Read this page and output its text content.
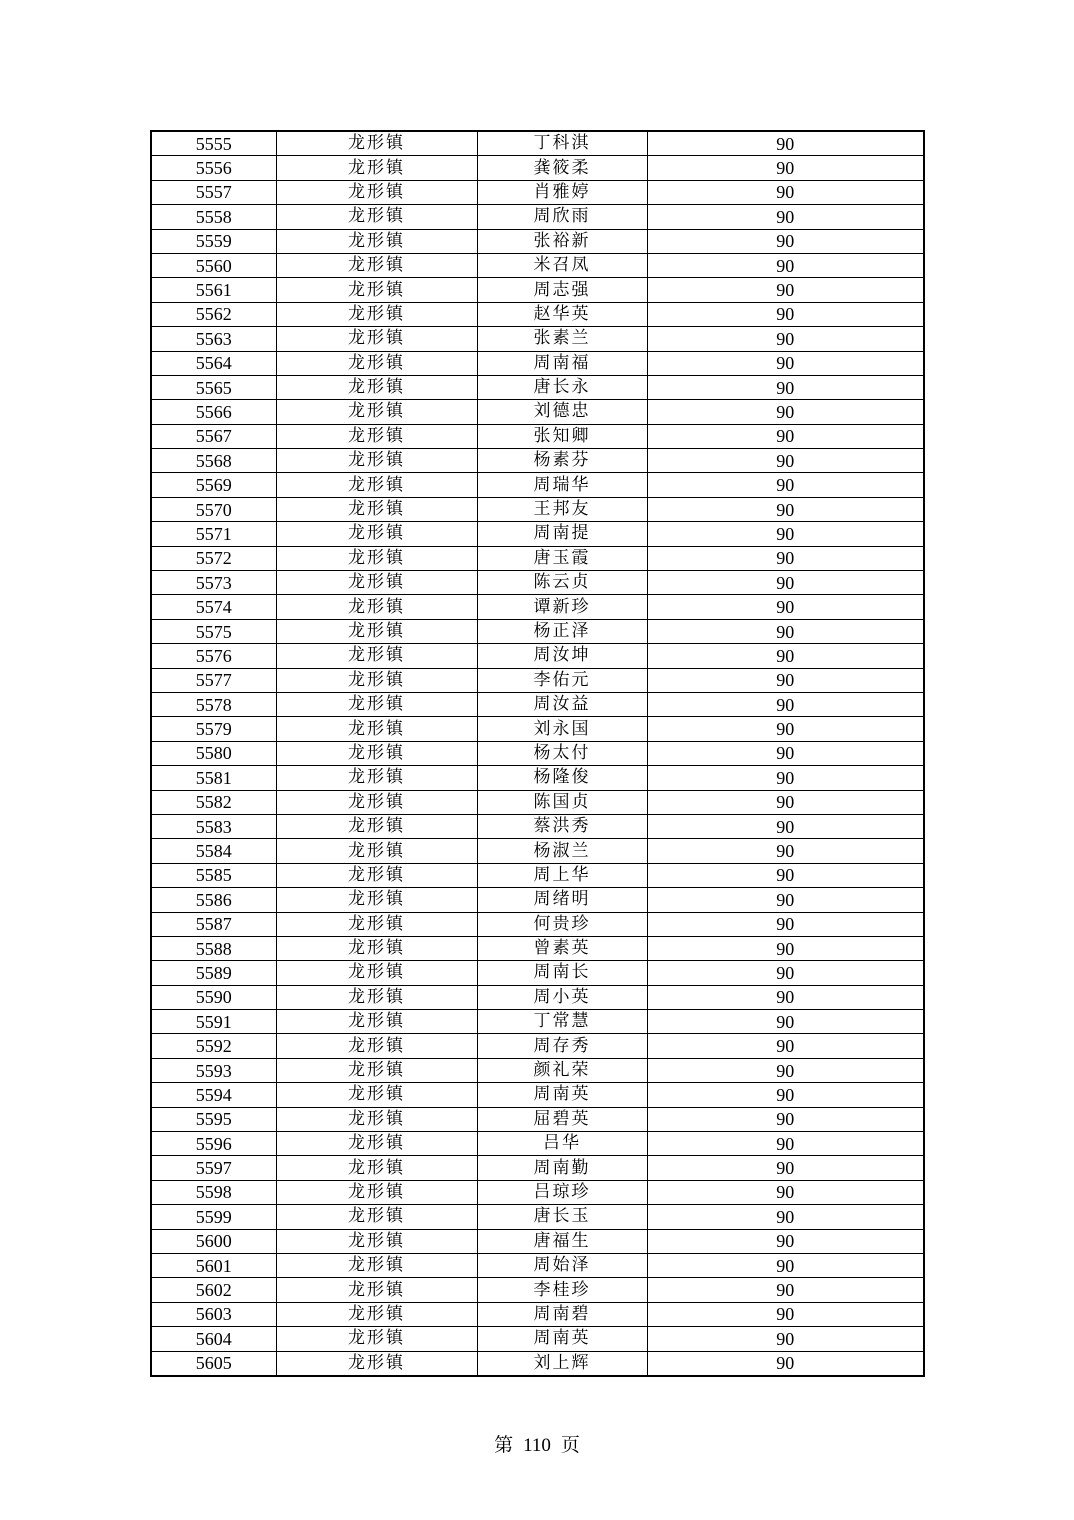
5555	龙形镇	丁科淇	90
5556	龙形镇	龚筱柔	90
5557	龙形镇	肖雅婷	90
5558	龙形镇	周欣雨	90
5559	龙形镇	张裕新	90
5560	龙形镇	米召凤	90
5561	龙形镇	周志强	90
5562	龙形镇	赵华英	90
5563	龙形镇	张素兰	90
5564	龙形镇	周南福	90
5565	龙形镇	唐长永	90
5566	龙形镇	刘德忠	90
5567	龙形镇	张知卿	90
5568	龙形镇	杨素芬	90
5569	龙形镇	周瑞华	90
5570	龙形镇	王邦友	90
5571	龙形镇	周南提	90
5572	龙形镇	唐玉霞	90
5573	龙形镇	陈云贞	90
5574	龙形镇	谭新珍	90
5575	龙形镇	杨正泽	90
5576	龙形镇	周汝坤	90
5577	龙形镇	李佑元	90
5578	龙形镇	周汝益	90
5579	龙形镇	刘永国	90
5580	龙形镇	杨太付	90
5581	龙形镇	杨隆俊	90
5582	龙形镇	陈国贞	90
5583	龙形镇	蔡洪秀	90
5584	龙形镇	杨淑兰	90
5585	龙形镇	周上华	90
5586	龙形镇	周绪明	90
5587	龙形镇	何贵珍	90
5588	龙形镇	曾素英	90
5589	龙形镇	周南长	90
5590	龙形镇	周小英	90
5591	龙形镇	丁常慧	90
5592	龙形镇	周存秀	90
5593	龙形镇	颜礼荣	90
5594	龙形镇	周南英	90
5595	龙形镇	屈碧英	90
5596	龙形镇	吕华	90
5597	龙形镇	周南勤	90
5598	龙形镇	吕琼珍	90
5599	龙形镇	唐长玉	90
5600	龙形镇	唐福生	90
5601	龙形镇	周始泽	90
5602	龙形镇	李桂珍	90
5603	龙形镇	周南碧	90
5604	龙形镇	周南英	90
5605	龙形镇	刘上辉	90
第 110 页
